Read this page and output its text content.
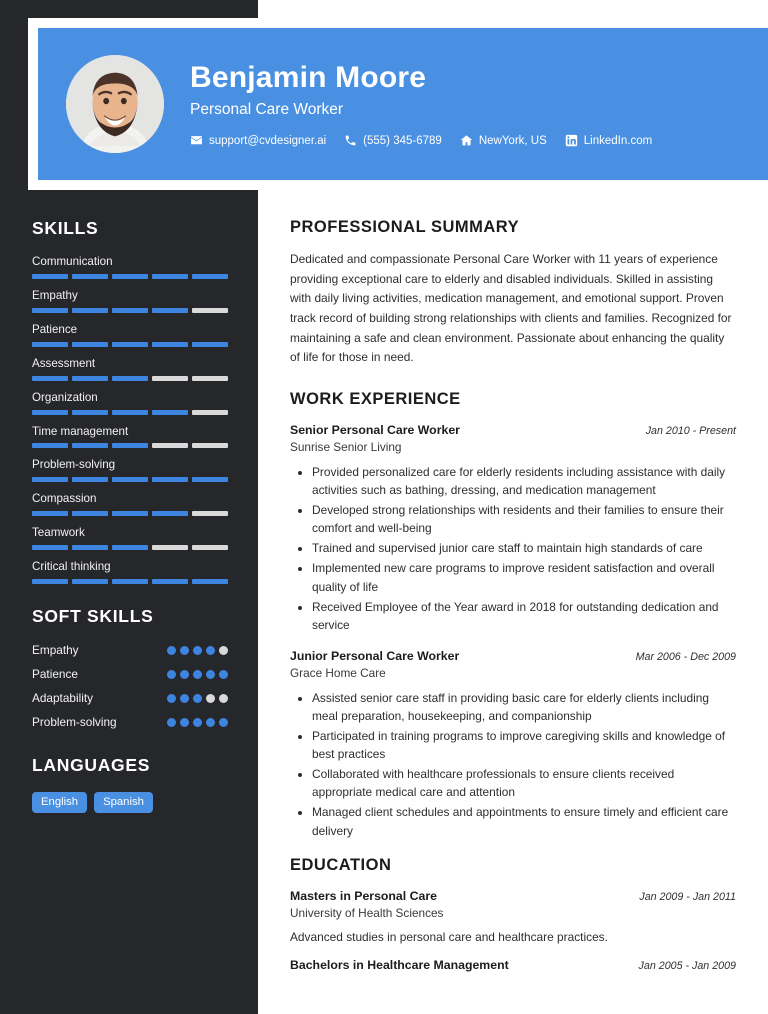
Benjamin Moore
Personal Care Worker
support@cvdesigner.ai	(555) 345-6789	NewYork, US	LinkedIn.com
SKILLS
Communication
Empathy
Patience
Assessment
Organization
Time management
Problem-solving
Compassion
Teamwork
Critical thinking
SOFT SKILLS
Empathy
Patience
Adaptability
Problem-solving
LANGUAGES
English	Spanish
PROFESSIONAL SUMMARY
Dedicated and compassionate Personal Care Worker with 11 years of experience providing exceptional care to elderly and disabled individuals. Skilled in assisting with daily living activities, medication management, and emotional support. Proven track record of building strong relationships with clients and families. Recognized for maintaining a safe and clean environment. Passionate about enhancing the quality of life for those in need.
WORK EXPERIENCE
Senior Personal Care Worker	Jan 2010 - Present
Sunrise Senior Living
• Provided personalized care for elderly residents including assistance with daily activities such as bathing, dressing, and medication management
• Developed strong relationships with residents and their families to ensure their comfort and well-being
• Trained and supervised junior care staff to maintain high standards of care
• Implemented new care programs to improve resident satisfaction and overall quality of life
• Received Employee of the Year award in 2018 for outstanding dedication and service
Junior Personal Care Worker	Mar 2006 - Dec 2009
Grace Home Care
• Assisted senior care staff in providing basic care for elderly clients including meal preparation, housekeeping, and companionship
• Participated in training programs to improve caregiving skills and knowledge of best practices
• Collaborated with healthcare professionals to ensure clients received appropriate medical care and attention
• Managed client schedules and appointments to ensure timely and efficient care delivery
EDUCATION
Masters in Personal Care	Jan 2009 - Jan 2011
University of Health Sciences
Advanced studies in personal care and healthcare practices.
Bachelors in Healthcare Management	Jan 2005 - Jan 2009
